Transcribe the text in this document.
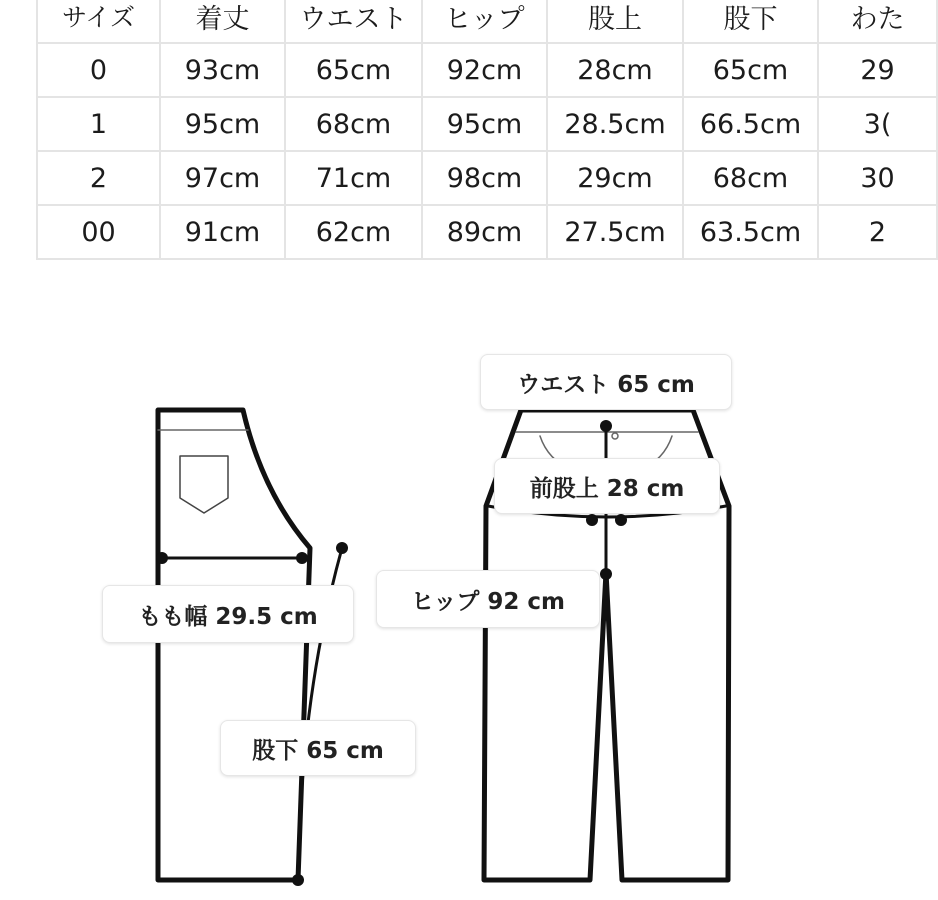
サイズ	着丈	ウエスト	ヒップ	股上	股下	わた
0	93cm	65cm	92cm	28cm	65cm	29
1	95cm	68cm	95cm	28.5cm	66.5cm	3(
2	97cm	71cm	98cm	29cm	68cm	30
00	91cm	62cm	89cm	27.5cm	63.5cm	2
ウエスト 65 cm
前股上 28 cm
ヒップ 92 cm
もも幅 29.5 cm
股下 65 cm
